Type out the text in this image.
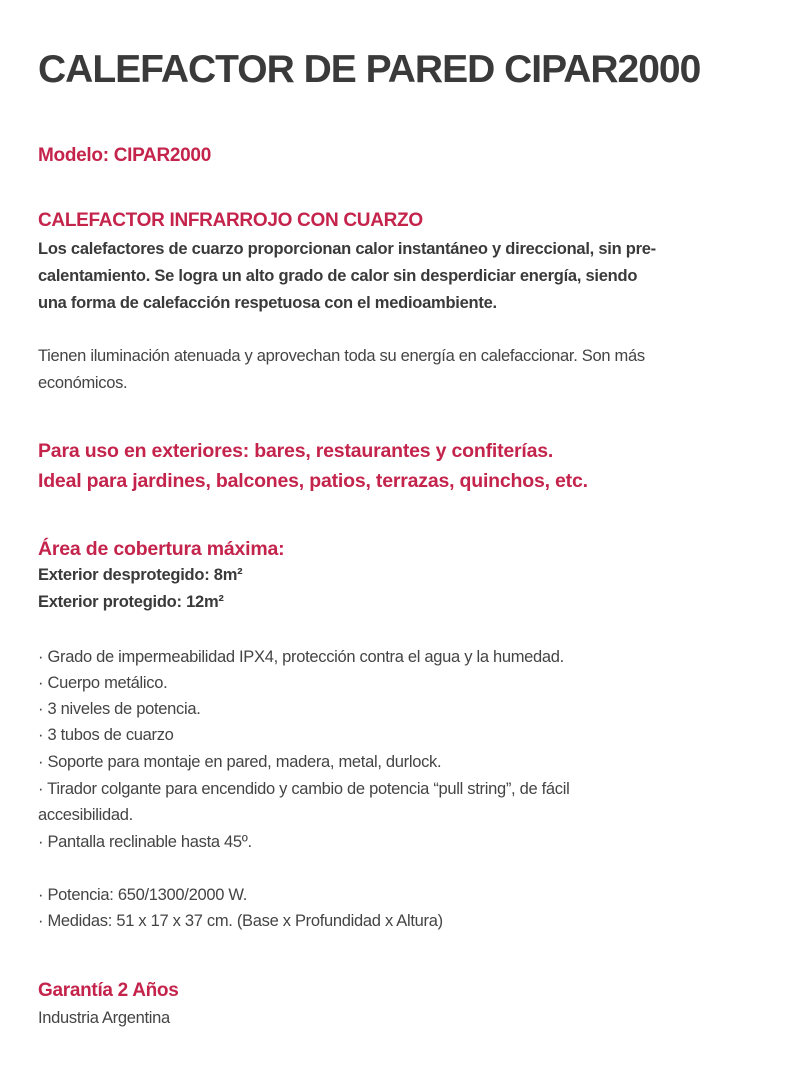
CALEFACTOR DE PARED CIPAR2000
Modelo: CIPAR2000
CALEFACTOR INFRARROJO CON CUARZO
Los calefactores de cuarzo proporcionan calor instantáneo y direccional, sin pre-
calentamiento. Se logra un alto grado de calor sin desperdiciar energía, siendo
una forma de calefacción respetuosa con el medioambiente.
Tienen iluminación atenuada y aprovechan toda su energía en calefaccionar. Son más
económicos.
Para uso en exteriores: bares, restaurantes y confiterías.
Ideal para jardines, balcones, patios, terrazas, quinchos, etc.
Área de cobertura máxima:
Exterior desprotegido: 8m²
Exterior protegido: 12m²
· Grado de impermeabilidad IPX4, protección contra el agua y la humedad.
· Cuerpo metálico.
· 3 niveles de potencia.
· 3 tubos de cuarzo
· Soporte para montaje en pared, madera, metal, durlock.
· Tirador colgante para encendido y cambio de potencia “pull string”, de fácil
accesibilidad.
· Pantalla reclinable hasta 45º.
· Potencia: 650/1300/2000 W.
· Medidas: 51 x 17 x 37 cm. (Base x Profundidad x Altura)
Garantía 2 Años
Industria Argentina
